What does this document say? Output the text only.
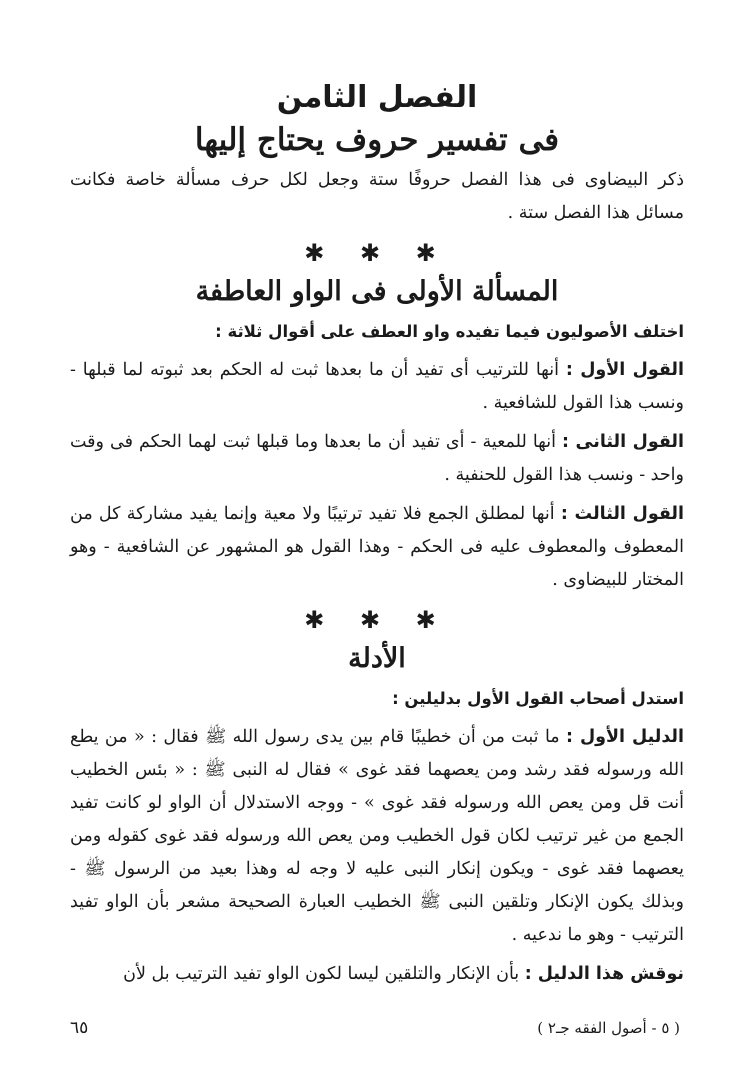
الفصل الثامن
فى تفسير حروف يحتاج إليها

ذكر البيضاوى فى هذا الفصل حروفًا ستة وجعل لكل حرف مسألة خاصة فكانت مسائل هذا الفصل ستة .

✱ ✱ ✱
المسألة الأولى فى الواو العاطفة

اختلف الأصوليون فيما تفيده واو العطف على أقوال ثلاثة :

القول الأول : أنها للترتيب أى تفيد أن ما بعدها ثبت له الحكم بعد ثبوته لما قبلها - ونسب هذا القول للشافعية .

القول الثانى : أنها للمعية - أى تفيد أن ما بعدها وما قبلها ثبت لهما الحكم فى وقت واحد - ونسب هذا القول للحنفية .

القول الثالث : أنها لمطلق الجمع فلا تفيد ترتيبًا ولا معية وإنما يفيد مشاركة كل من المعطوف والمعطوف عليه فى الحكم - وهذا القول هو المشهور عن الشافعية - وهو المختار للبيضاوى .

✱ ✱ ✱
الأدلة

استدل أصحاب القول الأول بدليلين :

الدليل الأول : ما ثبت من أن خطيبًا قام بين يدى رسول الله ﷺ فقال : « من يطع الله ورسوله فقد رشد ومن يعصهما فقد غوى » فقال له النبى ﷺ : « بئس الخطيب أنت قل ومن يعص الله ورسوله فقد غوى » - ووجه الاستدلال أن الواو لو كانت تفيد الجمع من غير ترتيب لكان قول الخطيب ومن يعص الله ورسوله فقد غوى كقوله ومن يعصهما فقد غوى - ويكون إنكار النبى عليه لا وجه له وهذا بعيد من الرسول ﷺ - وبذلك يكون الإنكار وتلقين النبى ﷺ الخطيب العبارة الصحيحة مشعر بأن الواو تفيد الترتيب - وهو ما ندعيه .

نوقش هذا الدليل : بأن الإنكار والتلقين ليسا لكون الواو تفيد الترتيب بل لأن

( ٥ - أصول الفقه جـ٢ )
٦٥
